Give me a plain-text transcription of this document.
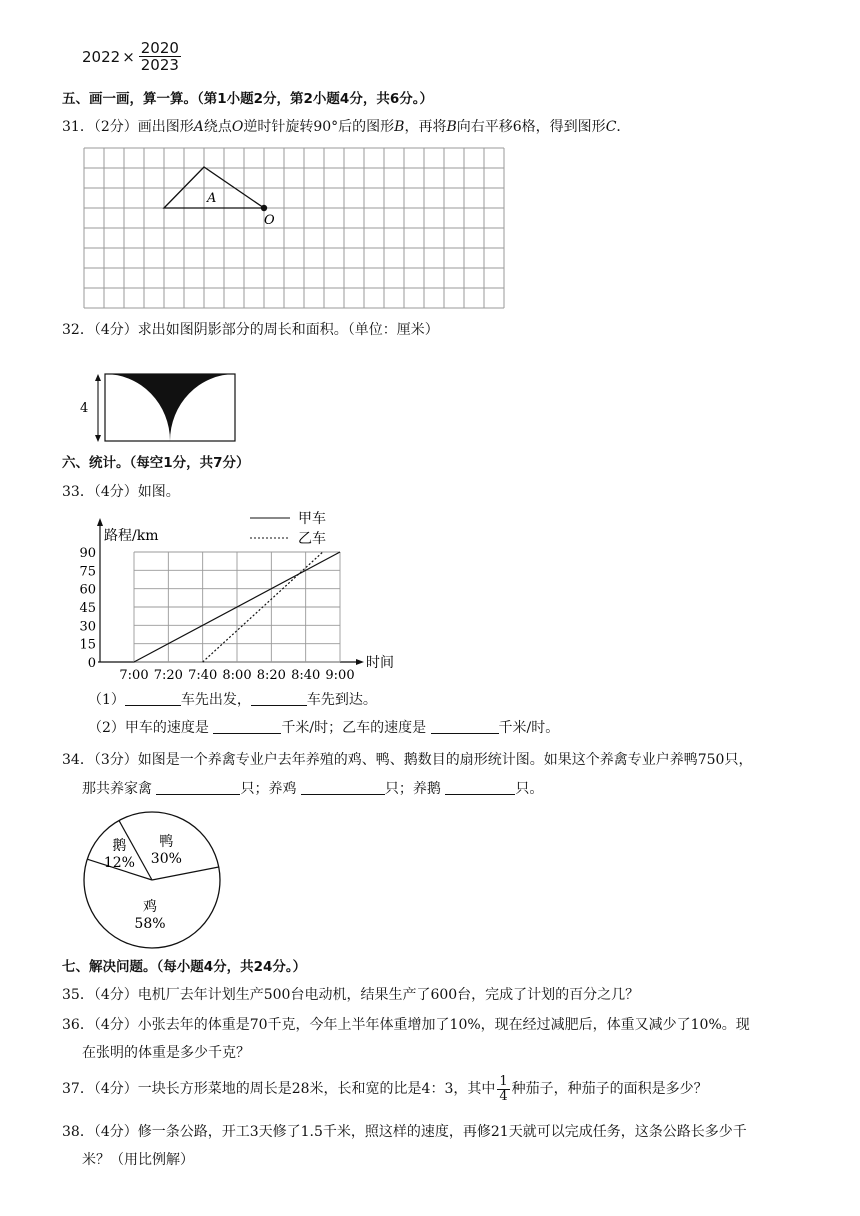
$2022 \times \frac{2020}{2023}$
五、画一画，算一算。（第1小题2分，第2小题4分，共6分。）
31．（2分）画出图形A绕点O逆时针旋转90°后的图形B，再将B向右平移6格，得到图形C．
A
O
32．（4分）求出如图阴影部分的周长和面积。（单位：厘米）
4
六、统计。（每空1分，共7分）
33．（4分）如图。
7:00 7:20 7:40 8:00 8:20 8:40 9:00
0
15
30
45
60
75
90
路程/km
时间
甲车
乙车
（1）	车先出发，	车先到达。
（2）甲车的速度是	千米/时；乙车的速度是	千米/时。
34．（3分）如图是一个养禽专业户去年养殖的鸡、鸭、鹅数目的扇形统计图。如果这个养禽专业户养鸭750只，
那共养家禽	只；养鸡	只；养鹅	只。
鸭
30%
鸡
58%
鹅
12%
七、解决问题。（每小题4分，共24分。）
35．（4分）电机厂去年计划生产500台电动机，结果生产了600台，完成了计划的百分之几？
36．（4分）小张去年的体重是70千克，今年上半年体重增加了10%，现在经过减肥后，体重又减少了10%。现
在张明的体重是多少千克？
37．（4分）一块长方形菜地的周长是28米，长和宽的比是4：3，其中 $\frac{1}{4}$ 种茄子，种茄子的面积是多少？
38．（4分）修一条公路，开工3天修了1.5千米，照这样的速度，再修21天就可以完成任务，这条公路长多少千
米？（用比例解）
